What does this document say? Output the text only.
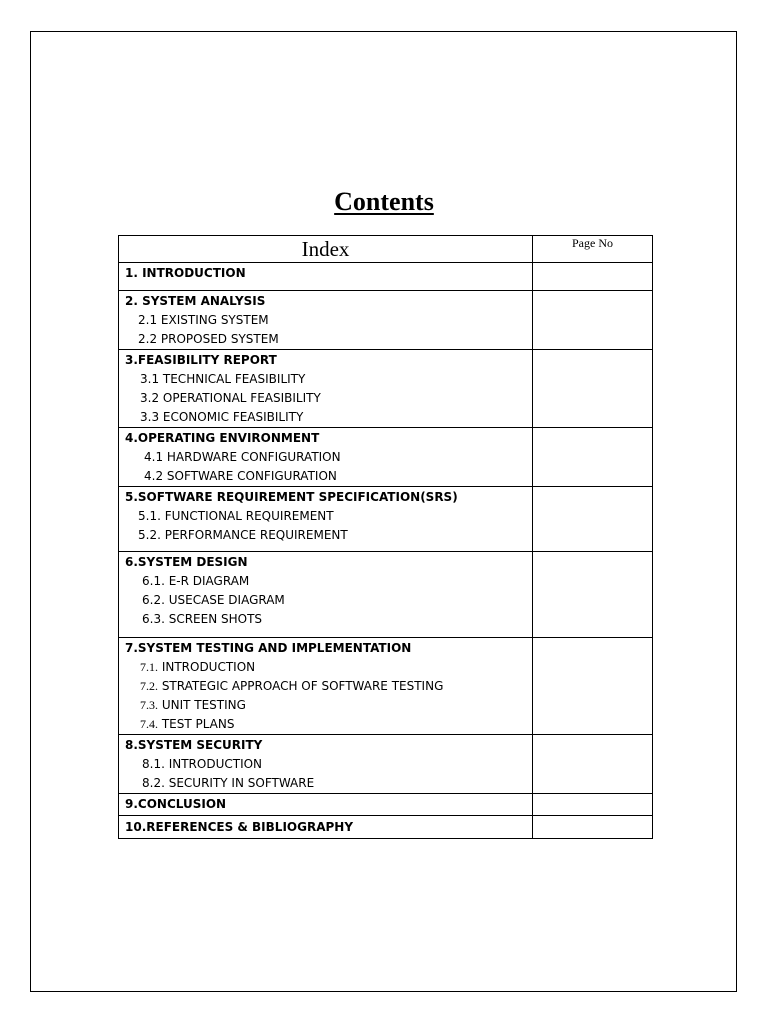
Contents
Index	Page No

1. INTRODUCTION	

2. SYSTEM ANALYSIS
2.1 EXISTING SYSTEM
2.2 PROPOSED SYSTEM	

3.FEASIBILITY REPORT
3.1 TECHNICAL FEASIBILITY
3.2 OPERATIONAL FEASIBILITY
3.3 ECONOMIC FEASIBILITY	

4.OPERATING ENVIRONMENT
4.1 HARDWARE CONFIGURATION
4.2 SOFTWARE CONFIGURATION	

5.SOFTWARE REQUIREMENT SPECIFICATION(SRS)
5.1. FUNCTIONAL REQUIREMENT
5.2. PERFORMANCE REQUIREMENT	

6.SYSTEM DESIGN
6.1. E-R DIAGRAM
6.2. USECASE DIAGRAM
6.3. SCREEN SHOTS	

7.SYSTEM TESTING AND IMPLEMENTATION
7.1. INTRODUCTION
7.2. STRATEGIC APPROACH OF SOFTWARE TESTING
7.3. UNIT TESTING
7.4. TEST PLANS	

8.SYSTEM SECURITY
8.1. INTRODUCTION
8.2. SECURITY IN SOFTWARE	

9.CONCLUSION	

10.REFERENCES & BIBLIOGRAPHY	
